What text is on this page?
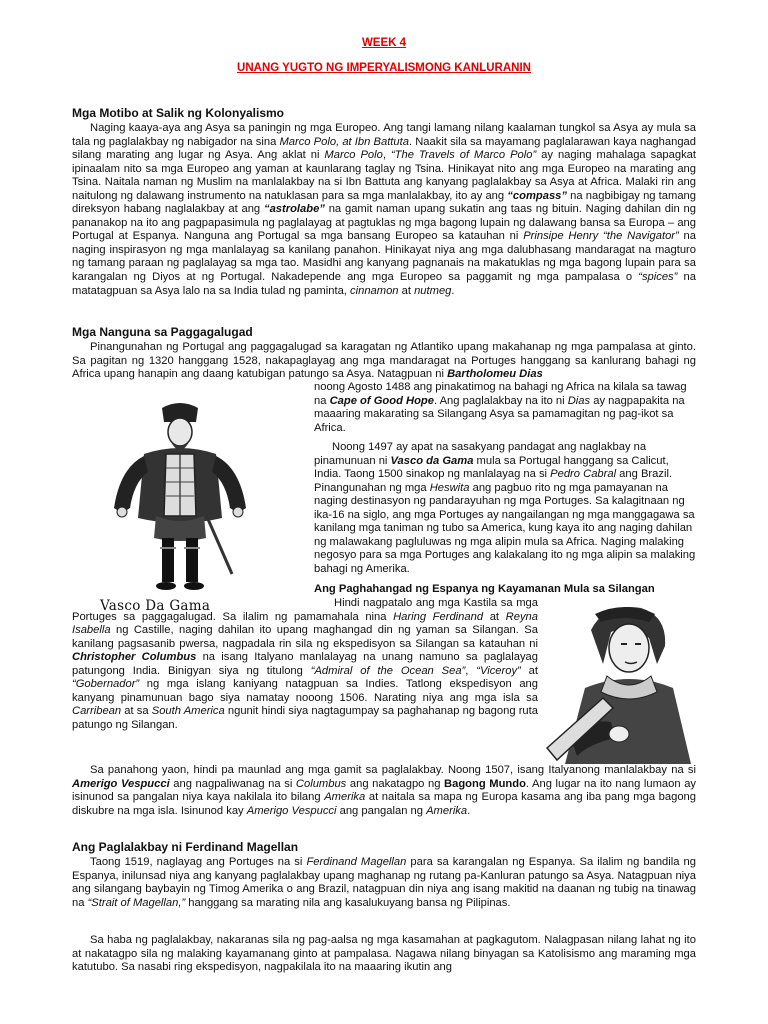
WEEK 4
UNANG YUGTO NG IMPERYALISMONG KANLURANIN
Mga Motibo at Salik ng Kolonyalismo

Naging kaaya-aya ang Asya sa paningin ng mga Europeo. Ang tangi lamang nilang kaalaman tungkol sa Asya ay mula sa tala ng paglalakbay ng nabigador na sina Marco Polo, at Ibn Battuta. Naakit sila sa mayamang paglalarawan kaya naghangad silang marating ang lugar ng Asya. Ang aklat ni Marco Polo, “The Travels of Marco Polo” ay naging mahalaga sapagkat ipinaalam nito sa mga Europeo ang yaman at kaunlarang taglay ng Tsina. Hinikayat nito ang mga Europeo na marating ang Tsina. Naitala naman ng Muslim na manlalakbay na si Ibn Battuta ang kanyang paglalakbay sa Asya at Africa. Malaki rin ang naitulong ng dalawang instrumento na natuklasan para sa mga manlalakbay, ito ay ang “compass” na nagbibigay ng tamang direksyon habang naglalakbay at ang “astrolabe” na gamit naman upang sukatin ang taas ng bituin. Naging dahilan din ng pananakop na ito ang pagpapasimula ng paglalayag at pagtuklas ng mga bagong lupain ng dalawang bansa sa Europa – ang Portugal at Espanya. Nanguna ang Portugal sa mga bansang Europeo sa katauhan ni Prinsipe Henry “the Navigator” na naging inspirasyon ng mga manlalayag sa kanilang panahon. Hinikayat niya ang mga dalubhasang mandaragat na magturo ng tamang paraan ng paglalayag sa mga tao. Masidhi ang kanyang pagnanais na makatuklas ng mga bagong lupain para sa karangalan ng Diyos at ng Portugal. Nakadepende ang mga Europeo sa paggamit ng mga pampalasa o “spices” na matatagpuan sa Asya lalo na sa India tulad ng paminta, cinnamon at nutmeg.

Mga Nanguna sa Paggagalugad

Pinangunahan ng Portugal ang paggagalugad sa karagatan ng Atlantiko upang makahanap ng mga pampalasa at ginto. Sa pagitan ng 1320 hanggang 1528, nakapaglayag ang mga mandaragat na Portuges hanggang sa kanlurang bahagi ng Africa upang hanapin ang daang katubigan patungo sa Asya. Natagpuan ni Bartholomeu Dias

noong Agosto 1488 ang pinakatimog na bahagi ng Africa na kilala sa tawag na Cape of Good Hope. Ang paglalakbay na ito ni Dias ay nagpapakita na maaaring makarating sa Silangang Asya sa pamamagitan ng pag-ikot sa Africa.

Noong 1497 ay apat na sasakyang pandagat ang naglakbay na pinamunuan ni Vasco da Gama mula sa Portugal hanggang sa Calicut, India. Taong 1500 sinakop ng manlalayag na si Pedro Cabral ang Brazil. Pinangunahan ng mga Heswita ang pagbuo rito ng mga pamayanan na naging destinasyon ng pandarayuhan ng mga Portuges. Sa kalagitnaan ng ika-16 na siglo, ang mga Portuges ay nangailangan ng mga manggagawa sa kanilang mga taniman ng tubo sa America, kung kaya ito ang naging dahilan ng malawakang pagluluwas ng mga alipin mula sa Africa. Naging malaking negosyo para sa mga Portuges ang kalakalang ito ng mga alipin sa malaking bahagi ng Amerika.

Vasco Da Gama
Ang Paghahangad ng Espanya ng Kayamanan Mula sa Silangan

Hindi nagpatalo ang mga Kastila sa mga Portuges sa paggagalugad. Sa ilalim ng pamamahala nina Haring Ferdinand at Reyna Isabella ng Castille, naging dahilan ito upang maghangad din ng yaman sa Silangan. Sa kanilang pagsasanib pwersa, nagpadala rin sila ng ekspedisyon sa Silangan sa katauhan ni Christopher Columbus na isang Italyano manlalayag na unang namuno sa paglalayag patungong India. Binigyan siya ng titulong “Admiral of the Ocean Sea”, “Viceroy” at “Gobernador” ng mga islang kaniyang natagpuan sa Indies. Tatlong ekspedisyon ang kanyang pinamunuan bago siya namatay nooong 1506. Narating niya ang mga isla sa Carribean at sa South America ngunit hindi siya nagtagumpay sa paghahanap ng bagong ruta patungo ng Silangan.

Sa panahong yaon, hindi pa maunlad ang mga gamit sa paglalakbay. Noong 1507, isang Italyanong manlalakbay na si Amerigo Vespucci ang nagpaliwanag na si Columbus ang nakatagpo ng Bagong Mundo. Ang lugar na ito nang lumaon ay isinunod sa pangalan niya kaya nakilala ito bilang Amerika at naitala sa mapa ng Europa kasama ang iba pang mga bagong diskubre na mga isla. Isinunod kay Amerigo Vespucci ang pangalan ng Amerika.

Ang Paglalakbay ni Ferdinand Magellan

Taong 1519, naglayag ang Portuges na si Ferdinand Magellan para sa karangalan ng Espanya. Sa ilalim ng bandila ng Espanya, inilunsad niya ang kanyang paglalakbay upang maghanap ng rutang pa-Kanluran patungo sa Asya. Natagpuan niya ang silangang baybayin ng Timog Amerika o ang Brazil, natagpuan din niya ang isang makitid na daanan ng tubig na tinawag na “Strait of Magellan,” hanggang sa marating nila ang kasalukuyang bansa ng Pilipinas.

Sa haba ng paglalakbay, nakaranas sila ng pag-aalsa ng mga kasamahan at pagkagutom. Nalagpasan nilang lahat ng ito at nakatagpo sila ng malaking kayamanang ginto at pampalasa. Nagawa nilang binyagan sa Katolisismo ang maraming mga katutubo. Sa nasabi ring ekspedisyon, nagpakilala ito na maaaring ikutin ang
